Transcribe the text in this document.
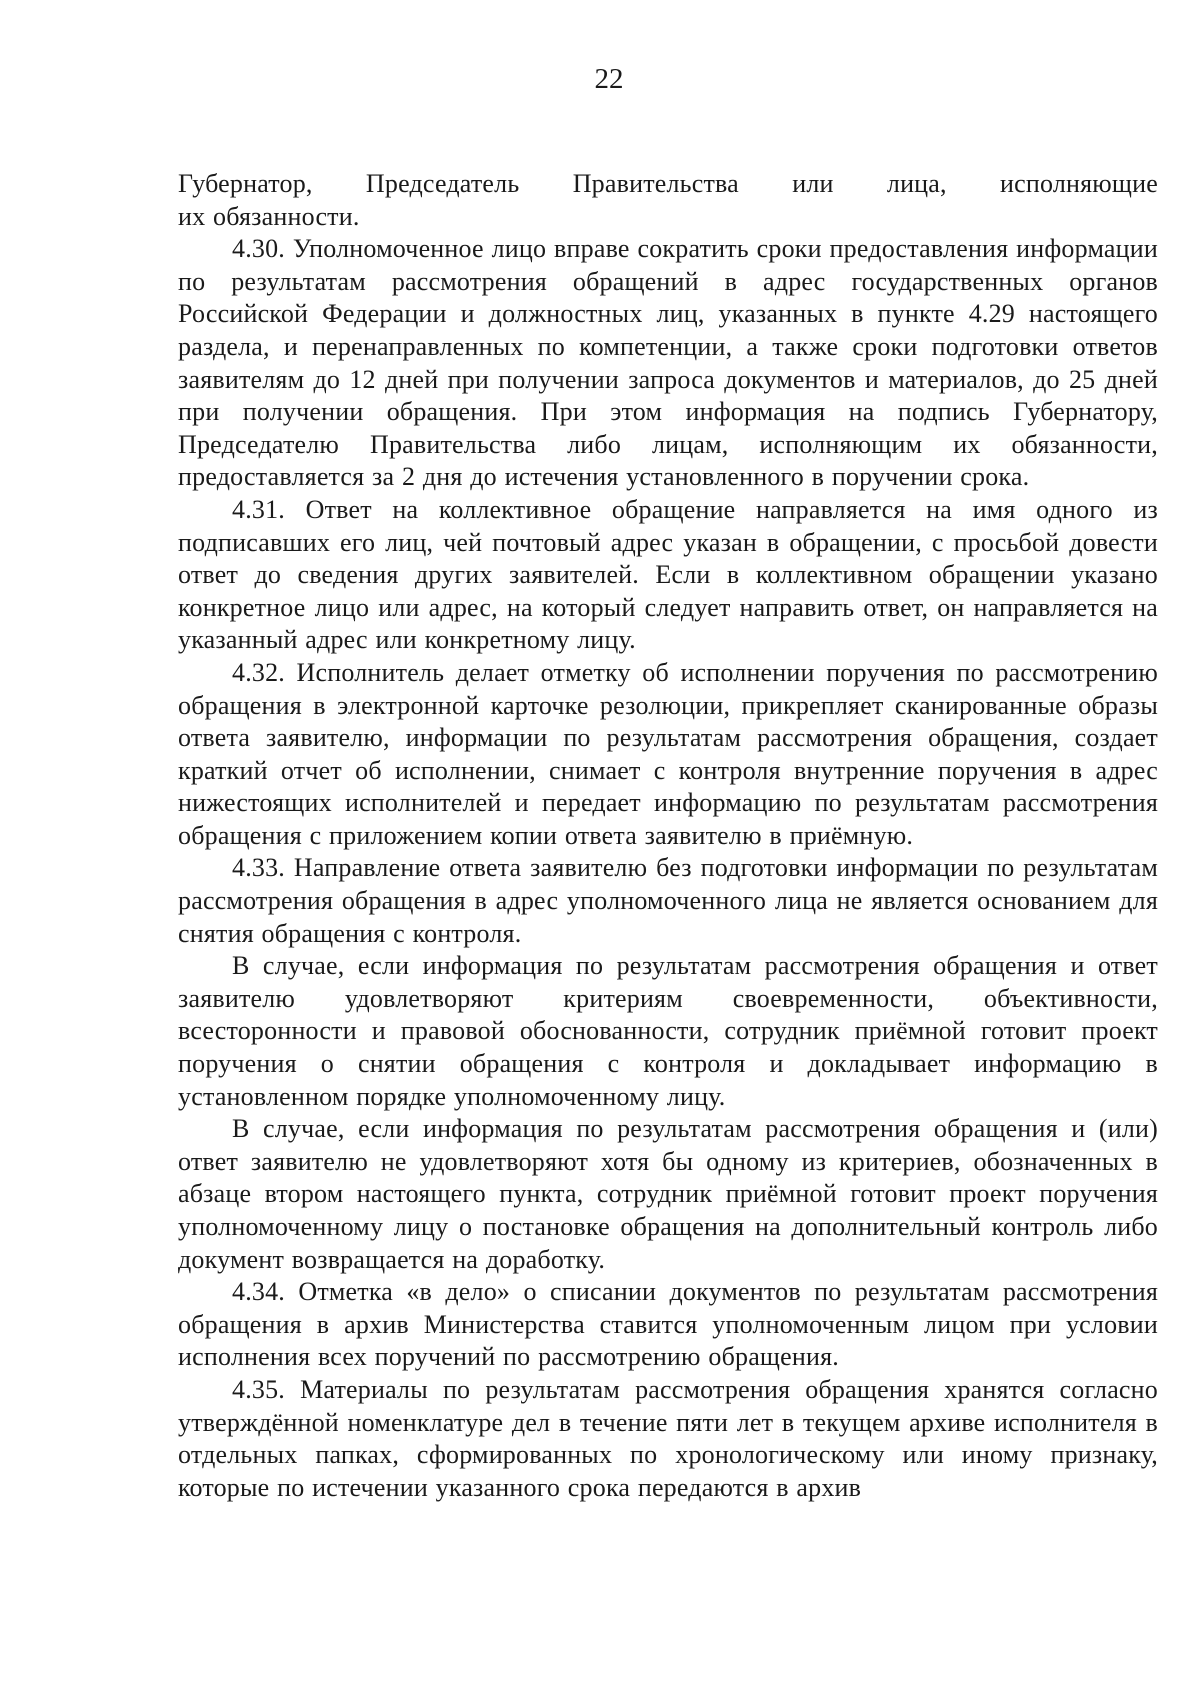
22

Губернатор, Председатель Правительства или лица, исполняющие
их обязанности.

4.30. Уполномоченное лицо вправе сократить сроки предоставления информации по результатам рассмотрения обращений в адрес государственных органов Российской Федерации и должностных лиц, указанных в пункте 4.29 настоящего раздела, и перенаправленных по компетенции, а также сроки подготовки ответов заявителям до 12 дней при получении запроса документов и материалов, до 25 дней при получении обращения. При этом информация на подпись Губернатору, Председателю Правительства либо лицам, исполняющим их обязанности, предоставляется за 2 дня до истечения установленного в поручении срока.

4.31. Ответ на коллективное обращение направляется на имя одного из подписавших его лиц, чей почтовый адрес указан в обращении, с просьбой довести ответ до сведения других заявителей. Если в коллективном обращении указано конкретное лицо или адрес, на который следует направить ответ, он направляется на указанный адрес или конкретному лицу.

4.32. Исполнитель делает отметку об исполнении поручения по рассмотрению обращения в электронной карточке резолюции, прикрепляет сканированные образы ответа заявителю, информации по результатам рассмотрения обращения, создает краткий отчет об исполнении, снимает с контроля внутренние поручения в адрес нижестоящих исполнителей и передает информацию по результатам рассмотрения обращения с приложением копии ответа заявителю в приёмную.

4.33. Направление ответа заявителю без подготовки информации по результатам рассмотрения обращения в адрес уполномоченного лица не является основанием для снятия обращения с контроля.

В случае, если информация по результатам рассмотрения обращения и ответ заявителю удовлетворяют критериям своевременности, объективности, всесторонности и правовой обоснованности, сотрудник приёмной готовит проект поручения о снятии обращения с контроля и докладывает информацию в установленном порядке уполномоченному лицу.

В случае, если информация по результатам рассмотрения обращения и (или) ответ заявителю не удовлетворяют хотя бы одному из критериев, обозначенных в абзаце втором настоящего пункта, сотрудник приёмной готовит проект поручения уполномоченному лицу о постановке обращения на дополнительный контроль либо документ возвращается на доработку.

4.34. Отметка «в дело» о списании документов по результатам рассмотрения обращения в архив Министерства ставится уполномоченным лицом при условии исполнения всех поручений по рассмотрению обращения.

4.35. Материалы по результатам рассмотрения обращения хранятся согласно утверждённой номенклатуре дел в течение пяти лет в текущем архиве исполнителя в отдельных папках, сформированных по хронологическому или иному признаку, которые по истечении указанного срока передаются в архив
